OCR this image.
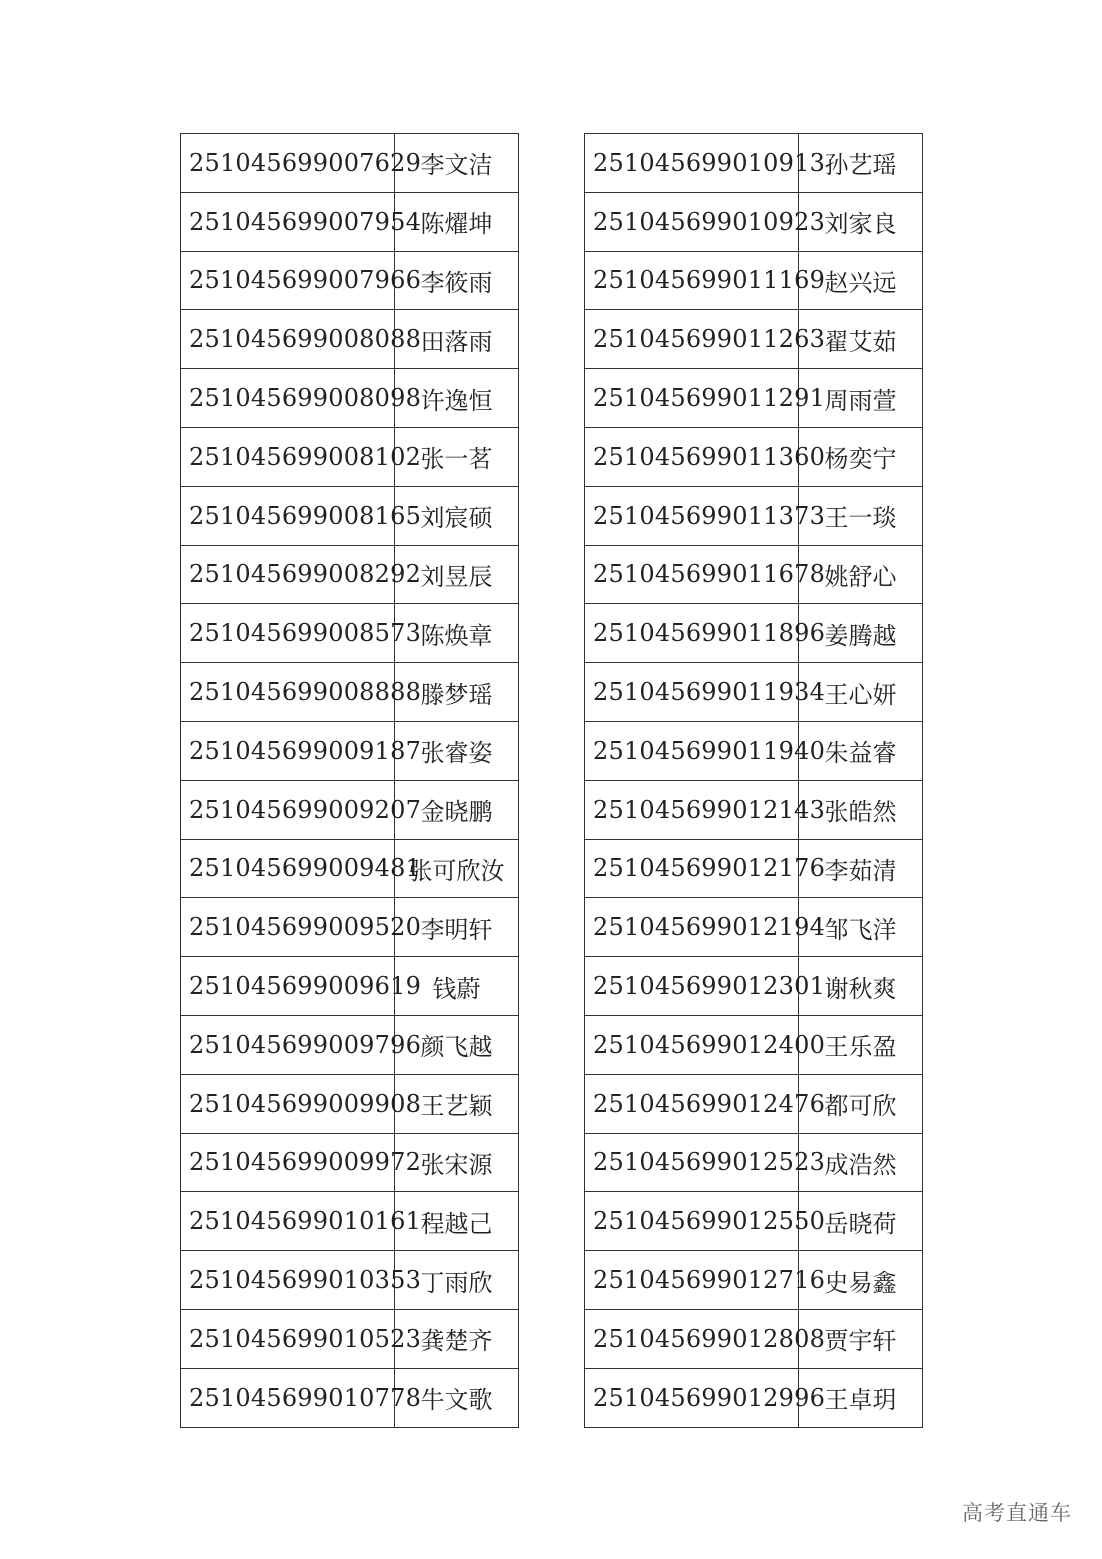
251045699007629	李文洁
251045699007954	陈燿坤
251045699007966	李筱雨
251045699008088	田落雨
251045699008098	许逸恒
251045699008102	张一茗
251045699008165	刘宸硕
251045699008292	刘昱辰
251045699008573	陈焕章
251045699008888	滕梦瑶
251045699009187	张睿姿
251045699009207	金晓鹏
251045699009481	张可欣汝
251045699009520	李明轩
251045699009619	钱蔚
251045699009796	颜飞越
251045699009908	王艺颖
251045699009972	张宋源
251045699010161	程越己
251045699010353	丁雨欣
251045699010523	龚楚齐
251045699010778	牛文歌
251045699010913	孙艺瑶
251045699010923	刘家良
251045699011169	赵兴远
251045699011263	翟艾茹
251045699011291	周雨萱
251045699011360	杨奕宁
251045699011373	王一琰
251045699011678	姚舒心
251045699011896	姜腾越
251045699011934	王心妍
251045699011940	朱益睿
251045699012143	张皓然
251045699012176	李茹清
251045699012194	邹飞洋
251045699012301	谢秋爽
251045699012400	王乐盈
251045699012476	都可欣
251045699012523	成浩然
251045699012550	岳晓荷
251045699012716	史易鑫
251045699012808	贾宇轩
251045699012996	王卓玥
高考直通车
